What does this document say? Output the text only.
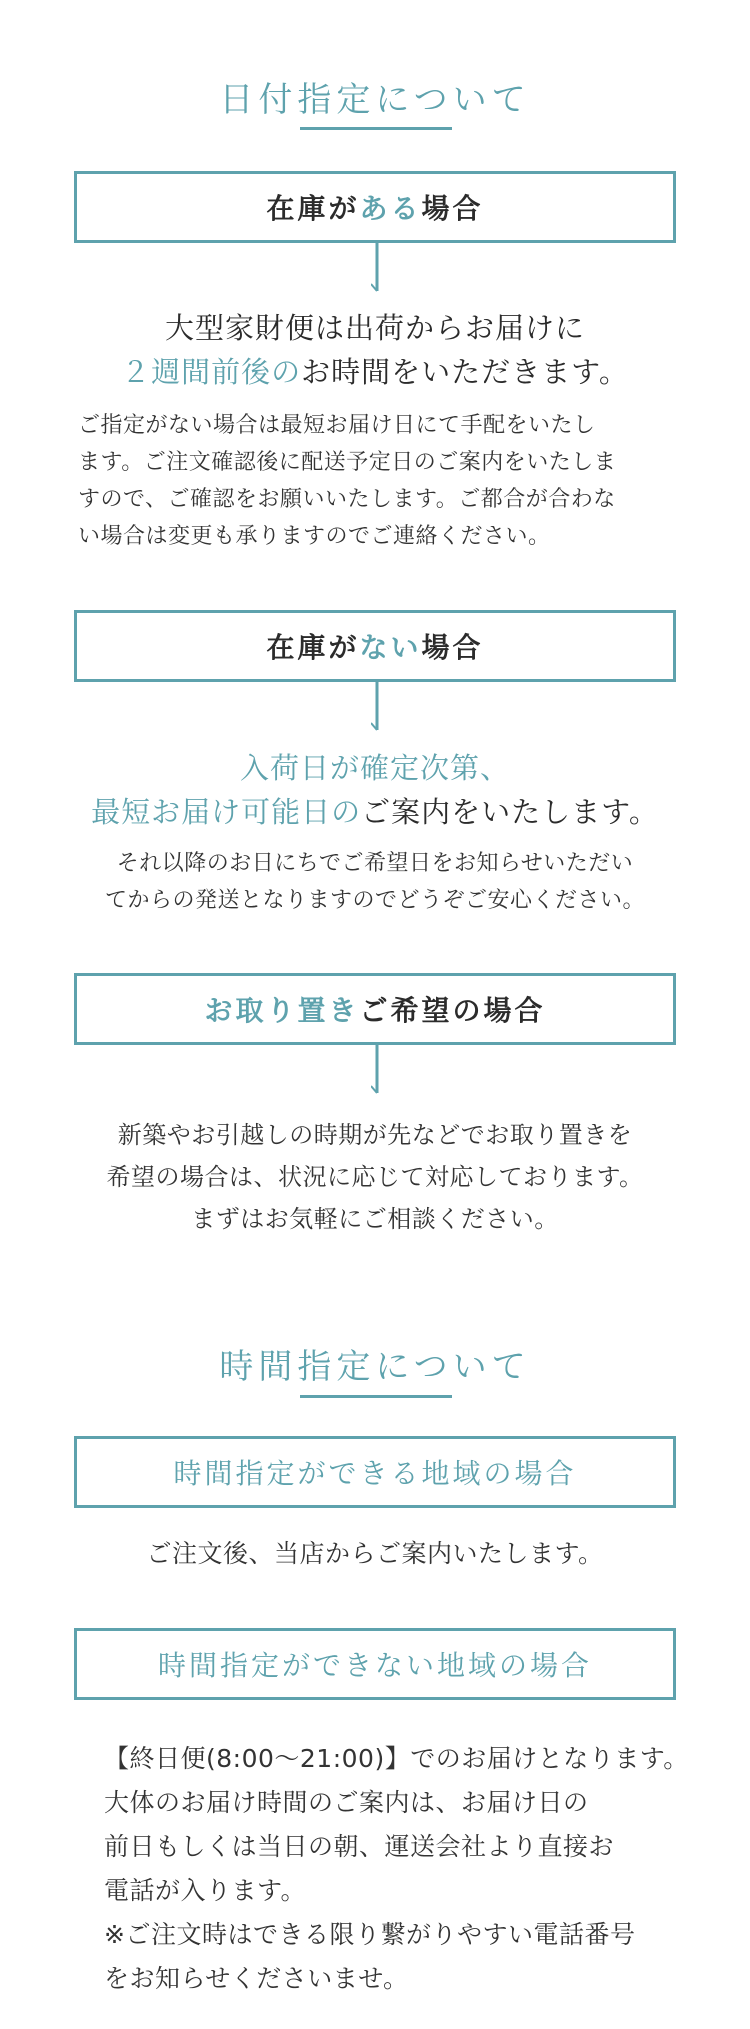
日付指定について
在庫が ある 場合
大型家財便は出荷からお届けに
２週間前後のお時間をいただきます。
ご指定がない場合は最短お届け日にて手配をいたし
ます。ご注文確認後に配送予定日のご案内をいたしま
すので、ご確認をお願いいたします。ご都合が合わな
い場合は変更も承りますのでご連絡ください。
在庫が ない 場合
入荷日が確定次第、
最短お届け可能日のご案内をいたします。
それ以降のお日にちでご希望日をお知らせいただい
てからの発送となりますのでどうぞご安心ください。
お取り置き ご希望の場合
新築やお引越しの時期が先などでお取り置きを
希望の場合は、状況に応じて対応しております。
まずはお気軽にご相談ください。
時間指定について
時間指定ができる地域の場合
ご注文後、当店からご案内いたします。
時間指定ができない地域の場合
【終日便(8:00〜21:00)】でのお届けとなります。
大体のお届け時間のご案内は、お届け日の
前日もしくは当日の朝、運送会社より直接お
電話が入ります。
※ご注文時はできる限り繋がりやすい電話番号
をお知らせくださいませ。
